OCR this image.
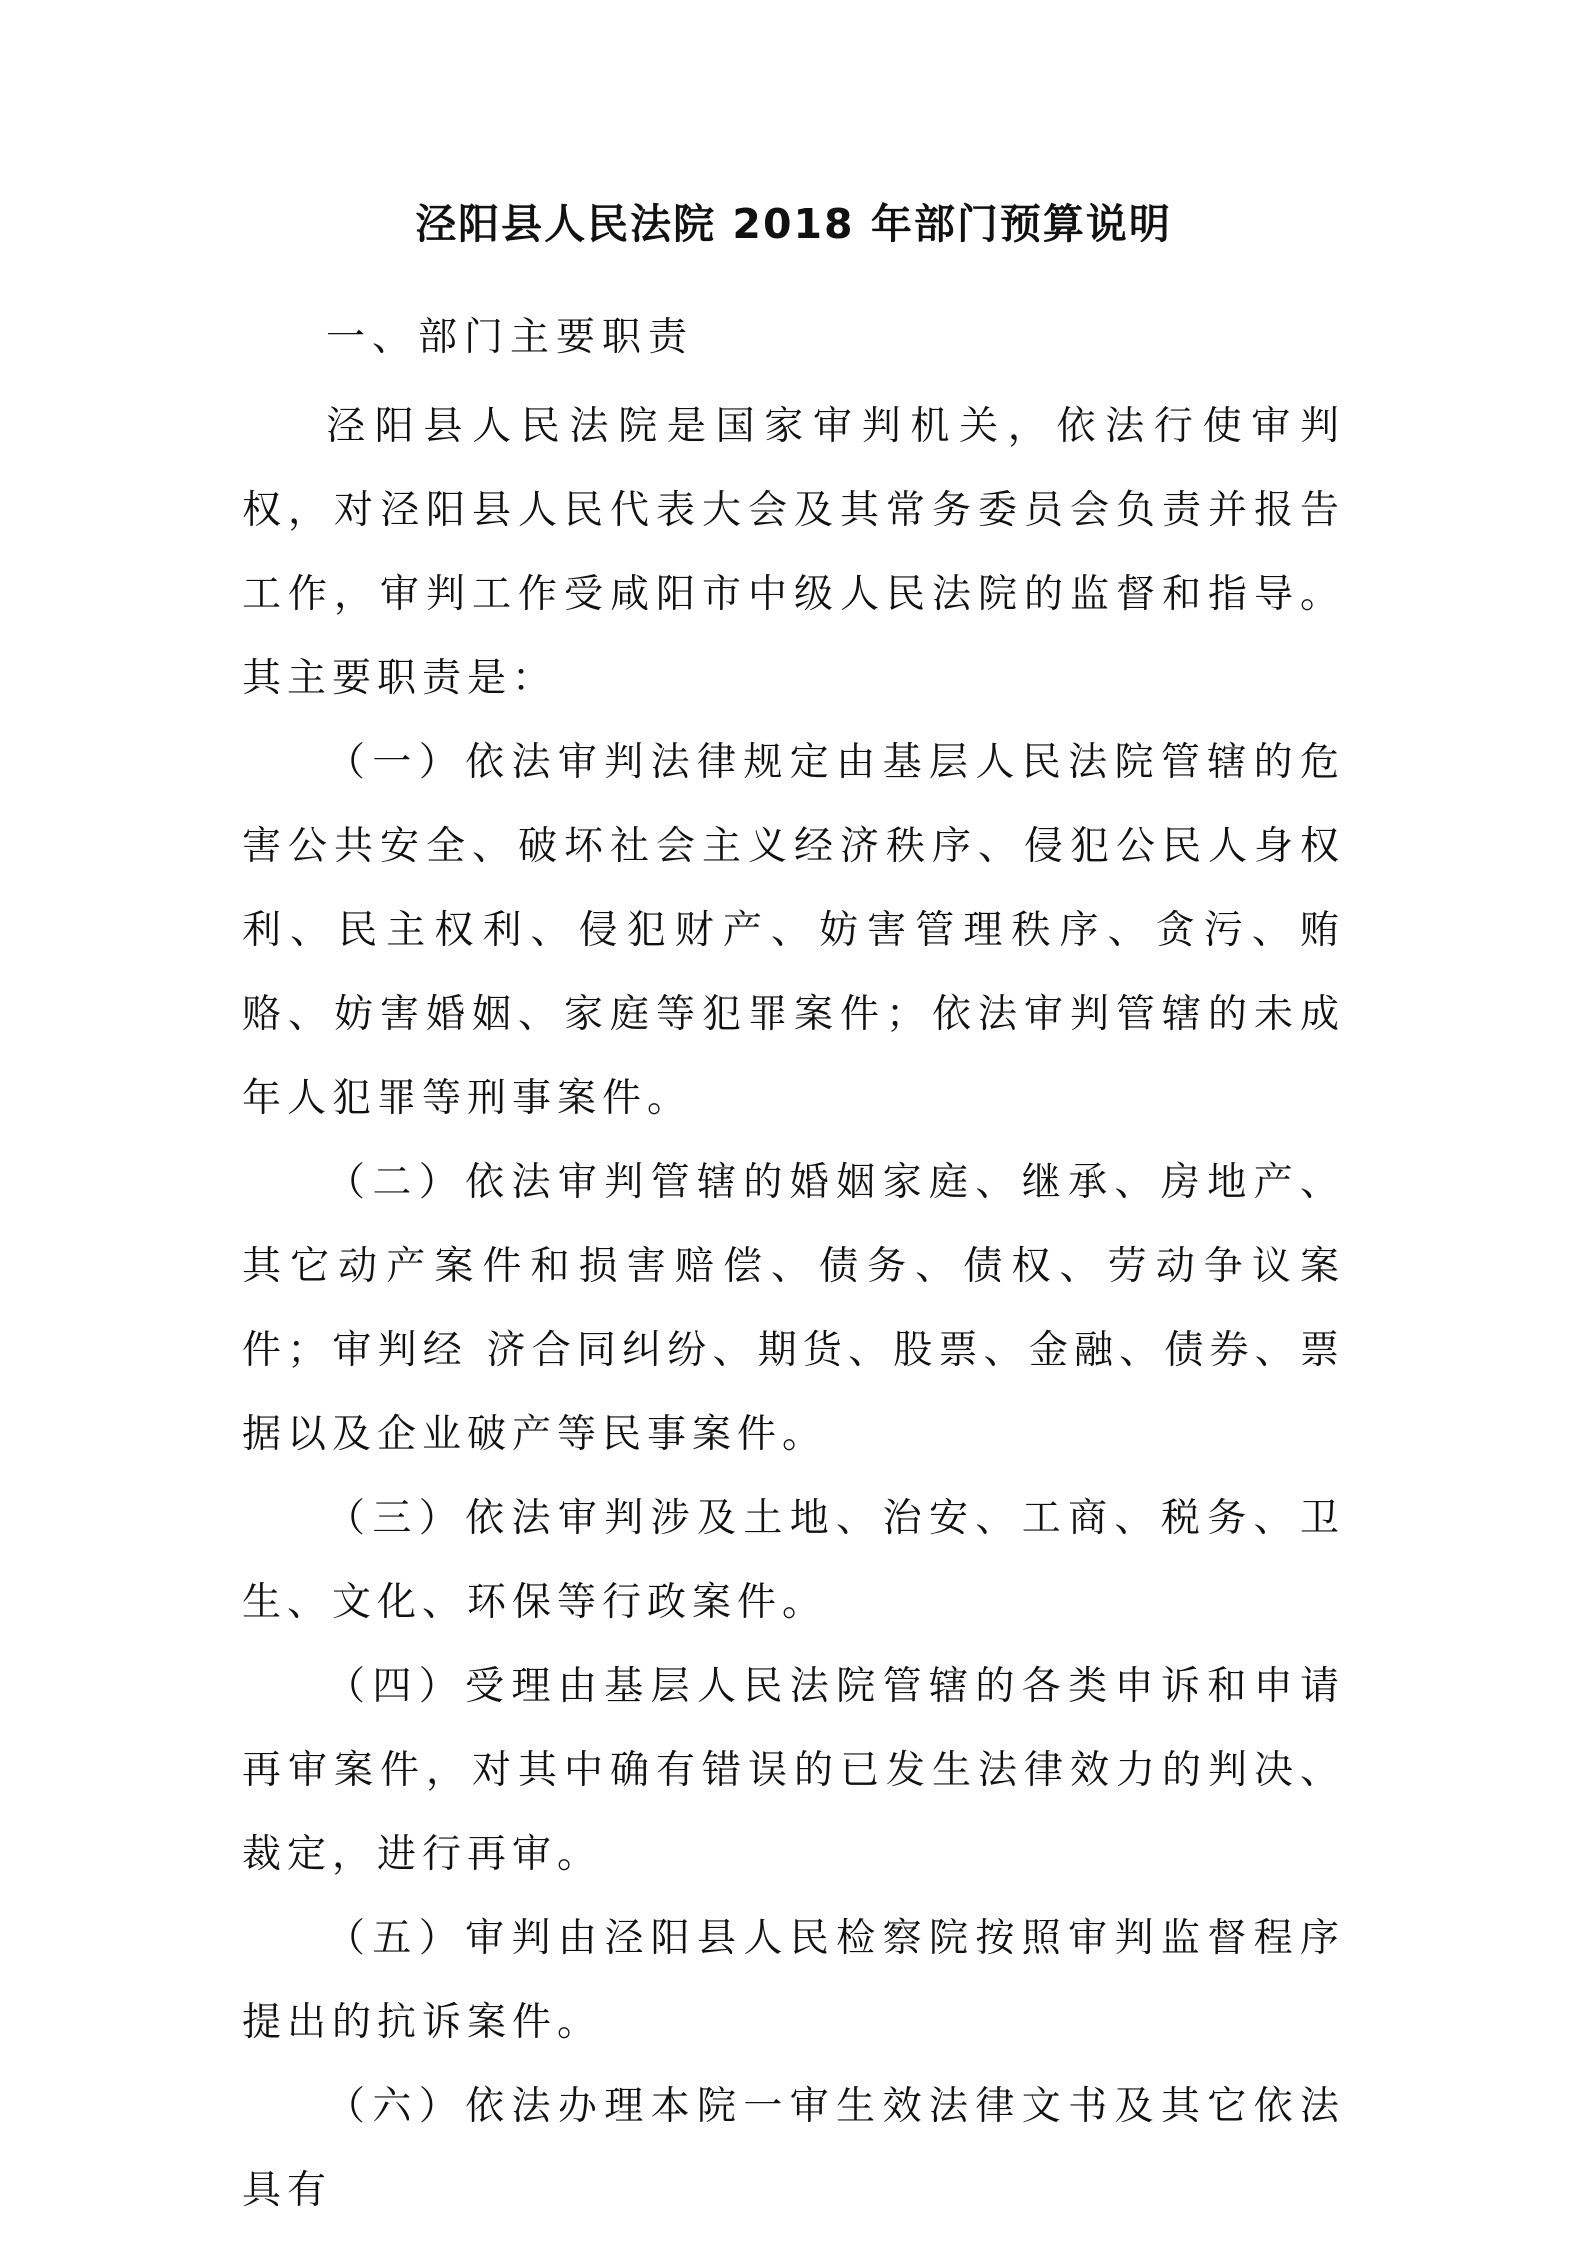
泾阳县人民法院 2018 年部门预算说明
一、部门主要职责

泾阳县人民法院是国家审判机关，依法行使审判权，对泾阳县人民代表大会及其常务委员会负责并报告工作，审判工作受咸阳市中级人民法院的监督和指导。其主要职责是：

（一）依法审判法律规定由基层人民法院管辖的危害公共安全、破坏社会主义经济秩序、侵犯公民人身权利、民主权利、侵犯财产、妨害管理秩序、贪污、贿赂、妨害婚姻、家庭等犯罪案件；依法审判管辖的未成年人犯罪等刑事案件。

（二）依法审判管辖的婚姻家庭、继承、房地产、其它动产案件和损害赔偿、债务、债权、劳动争议案件；审判经 济合同纠纷、期货、股票、金融、债券、票据以及企业破产等民事案件。

（三）依法审判涉及土地、治安、工商、税务、卫生、文化、环保等行政案件。

（四）受理由基层人民法院管辖的各类申诉和申请再审案件，对其中确有错误的已发生法律效力的判决、裁定，进行再审。

（五）审判由泾阳县人民检察院按照审判监督程序提出的抗诉案件。

（六）依法办理本院一审生效法律文书及其它依法具有
